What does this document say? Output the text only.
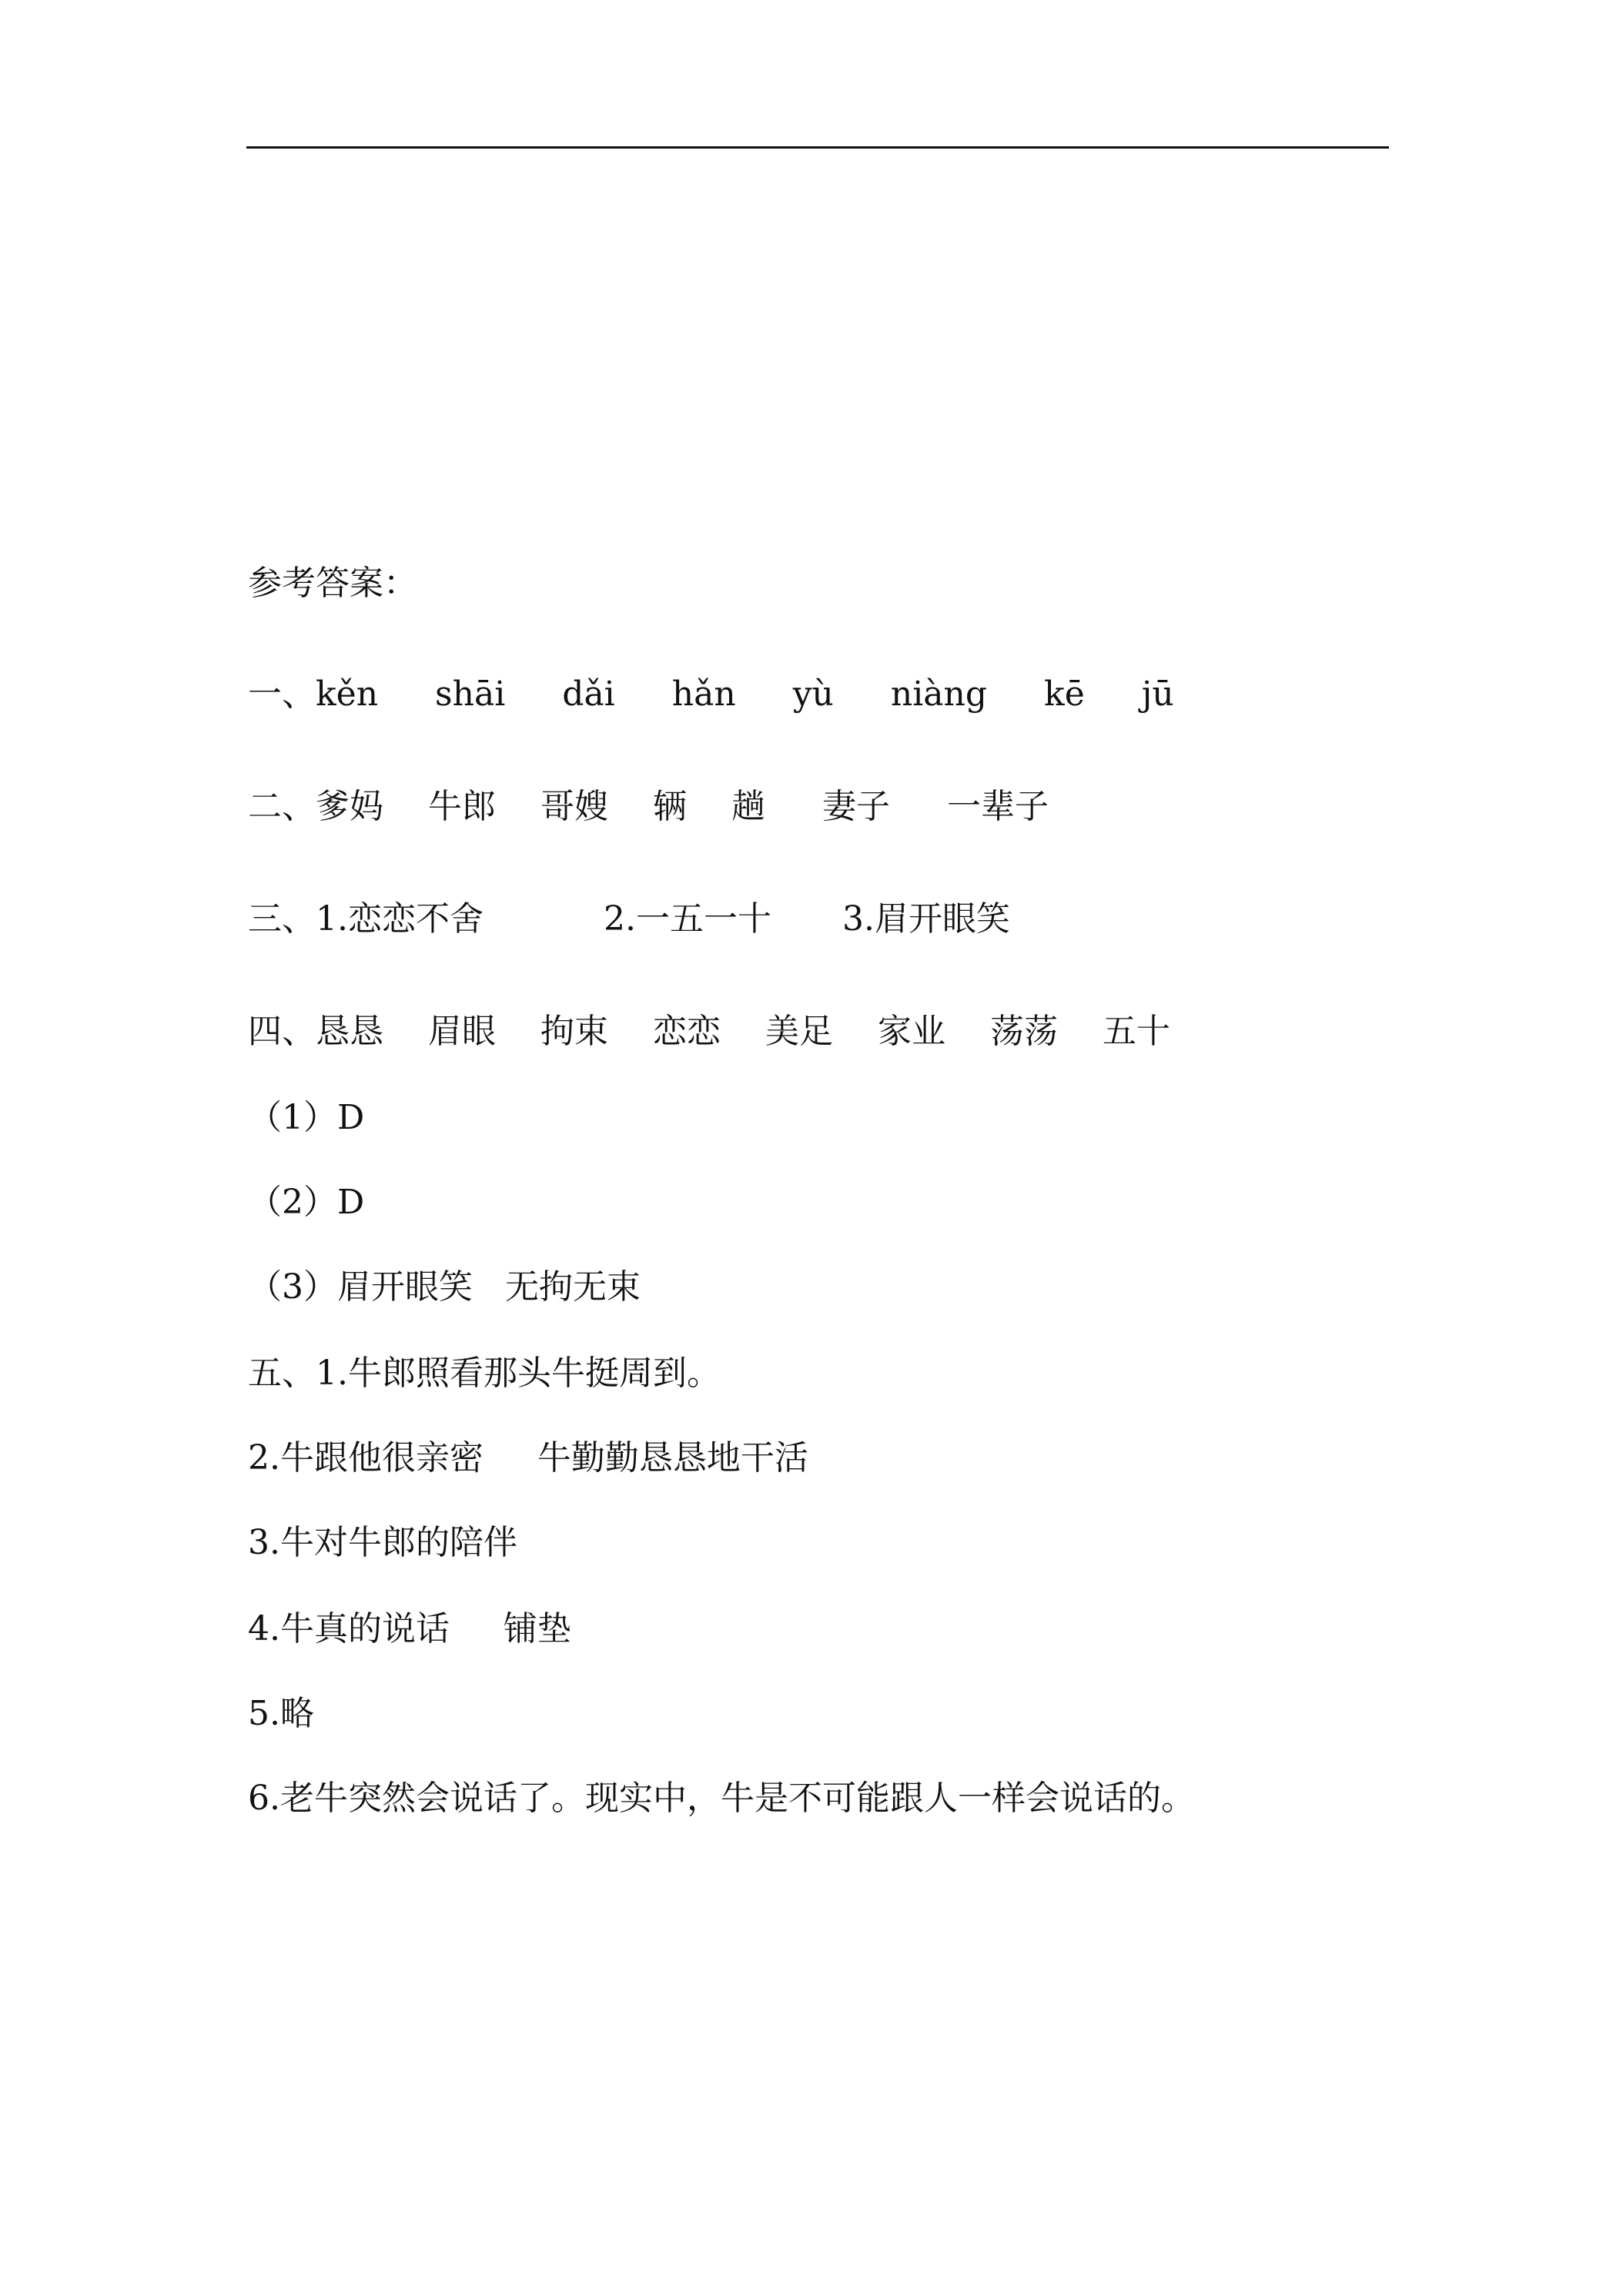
参考答案：
一、 kěn shāi dǎi hǎn yù niàng kē jū
二、 爹妈 牛郎 哥嫂 辆 趟 妻子 一辈子
三、 1.恋恋不舍	2.一五一十 3.眉开眼笑
四、 恳恳 眉眼 拘束 恋恋 美足 家业 荡荡 五十
（1）D
（2）D
（3）眉开眼笑   无拘无束
五、1.牛郎照看那头牛挺周到。
2.牛跟他很亲密     牛勤勤恳恳地干活
3.牛对牛郎的陪伴
4.牛真的说话     铺垫
5.略
6.老牛突然会说话了。现实中，牛是不可能跟人一样会说话的。
